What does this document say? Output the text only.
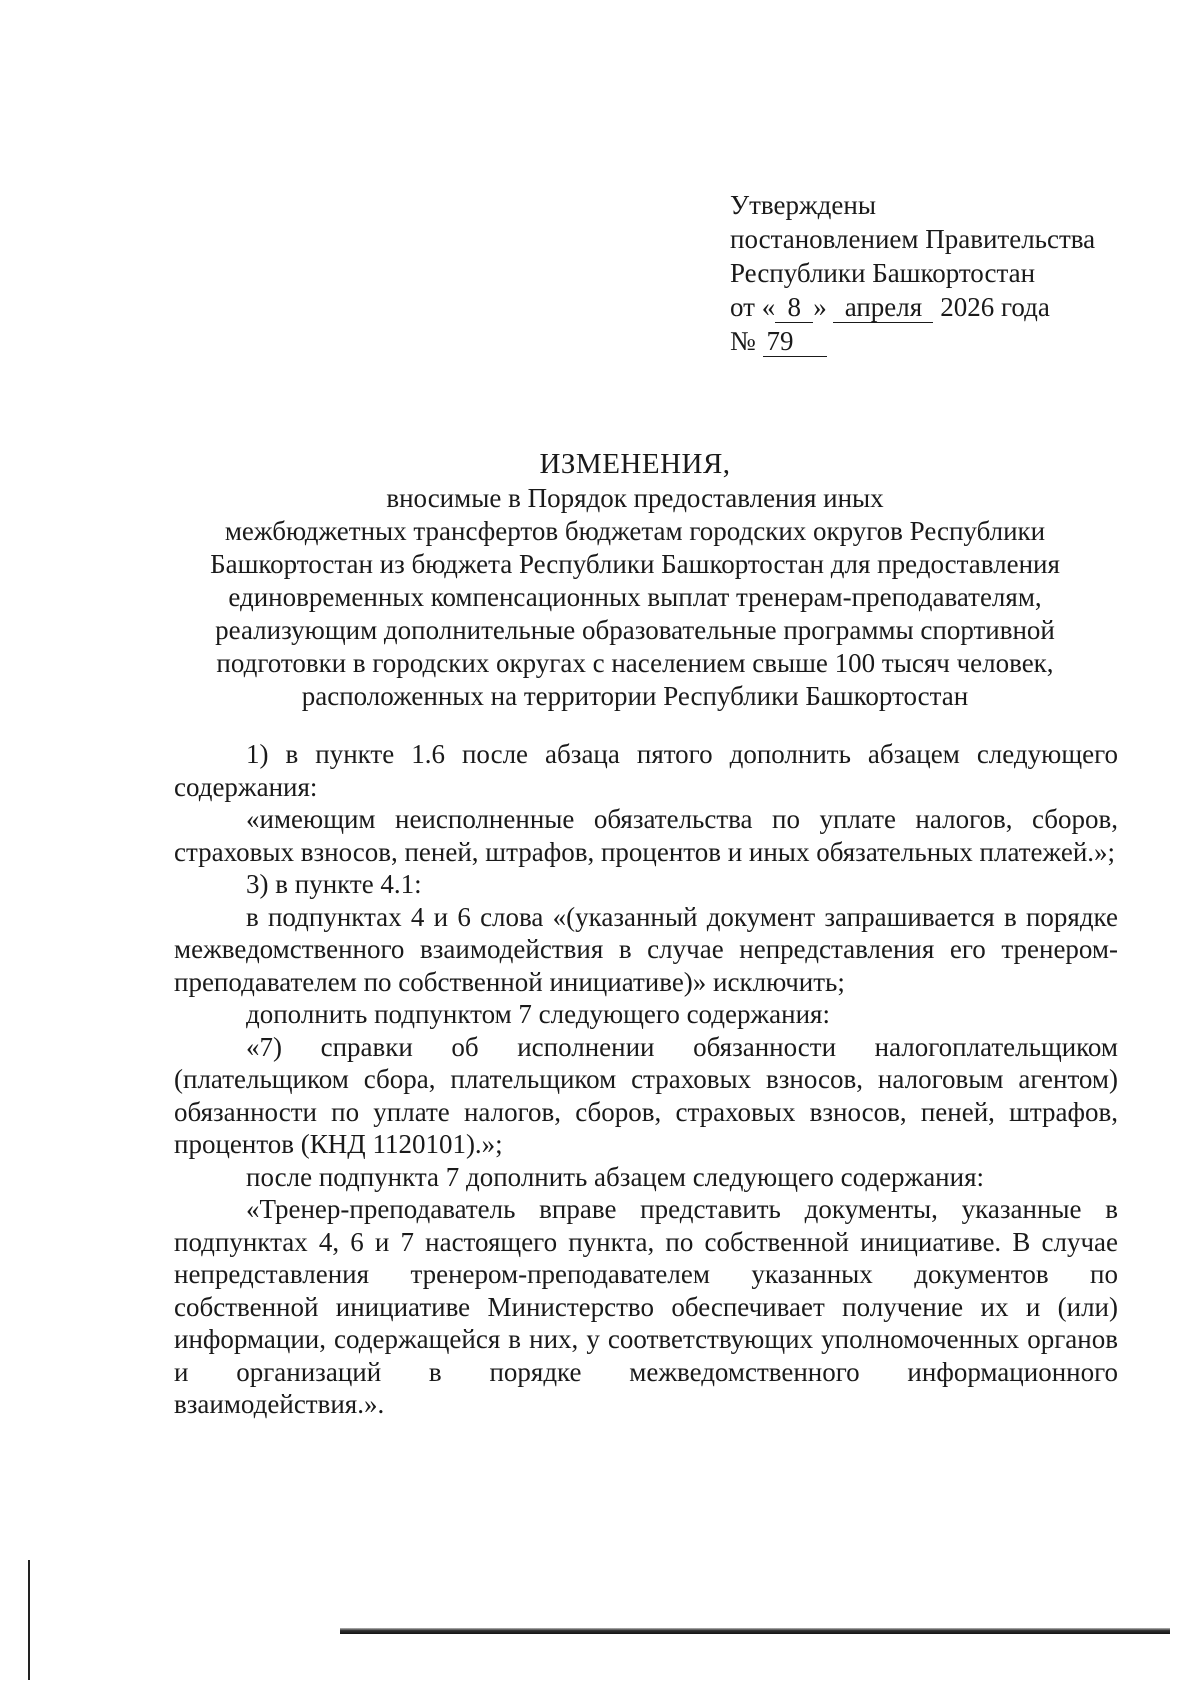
Утверждены
постановлением Правительства
Республики Башкортостан
от « 8 » апреля 2026 года
№ 79
ИЗМЕНЕНИЯ,
вносимые в Порядок предоставления иных
межбюджетных трансфертов бюджетам городских округов Республики
Башкортостан из бюджета Республики Башкортостан для предоставления
единовременных компенсационных выплат тренерам-преподавателям,
реализующим дополнительные образовательные программы спортивной
подготовки в городских округах с населением свыше 100 тысяч человек,
расположенных на территории Республики Башкортостан

1) в пункте 1.6 после абзаца пятого дополнить абзацем следующего содержания:

«имеющим неисполненные обязательства по уплате налогов, сборов, страховых взносов, пеней, штрафов, процентов и иных обязательных платежей.»;

3) в пункте 4.1:

в подпунктах 4 и 6 слова «(указанный документ запрашивается в порядке межведомственного взаимодействия в случае непредставления его тренером-преподавателем по собственной инициативе)» исключить;

дополнить подпунктом 7 следующего содержания:

«7) справки об исполнении обязанности налогоплательщиком (плательщиком сбора, плательщиком страховых взносов, налоговым агентом) обязанности по уплате налогов, сборов, страховых взносов, пеней, штрафов, процентов (КНД 1120101).»;

после подпункта 7 дополнить абзацем следующего содержания:

«Тренер-преподаватель вправе представить документы, указанные в подпунктах 4, 6 и 7 настоящего пункта, по собственной инициативе. В случае непредставления тренером-преподавателем указанных документов по собственной инициативе Министерство обеспечивает получение их и (или) информации, содержащейся в них, у соответствующих уполномоченных органов и организаций в порядке межведомственного информационного взаимодействия.».
